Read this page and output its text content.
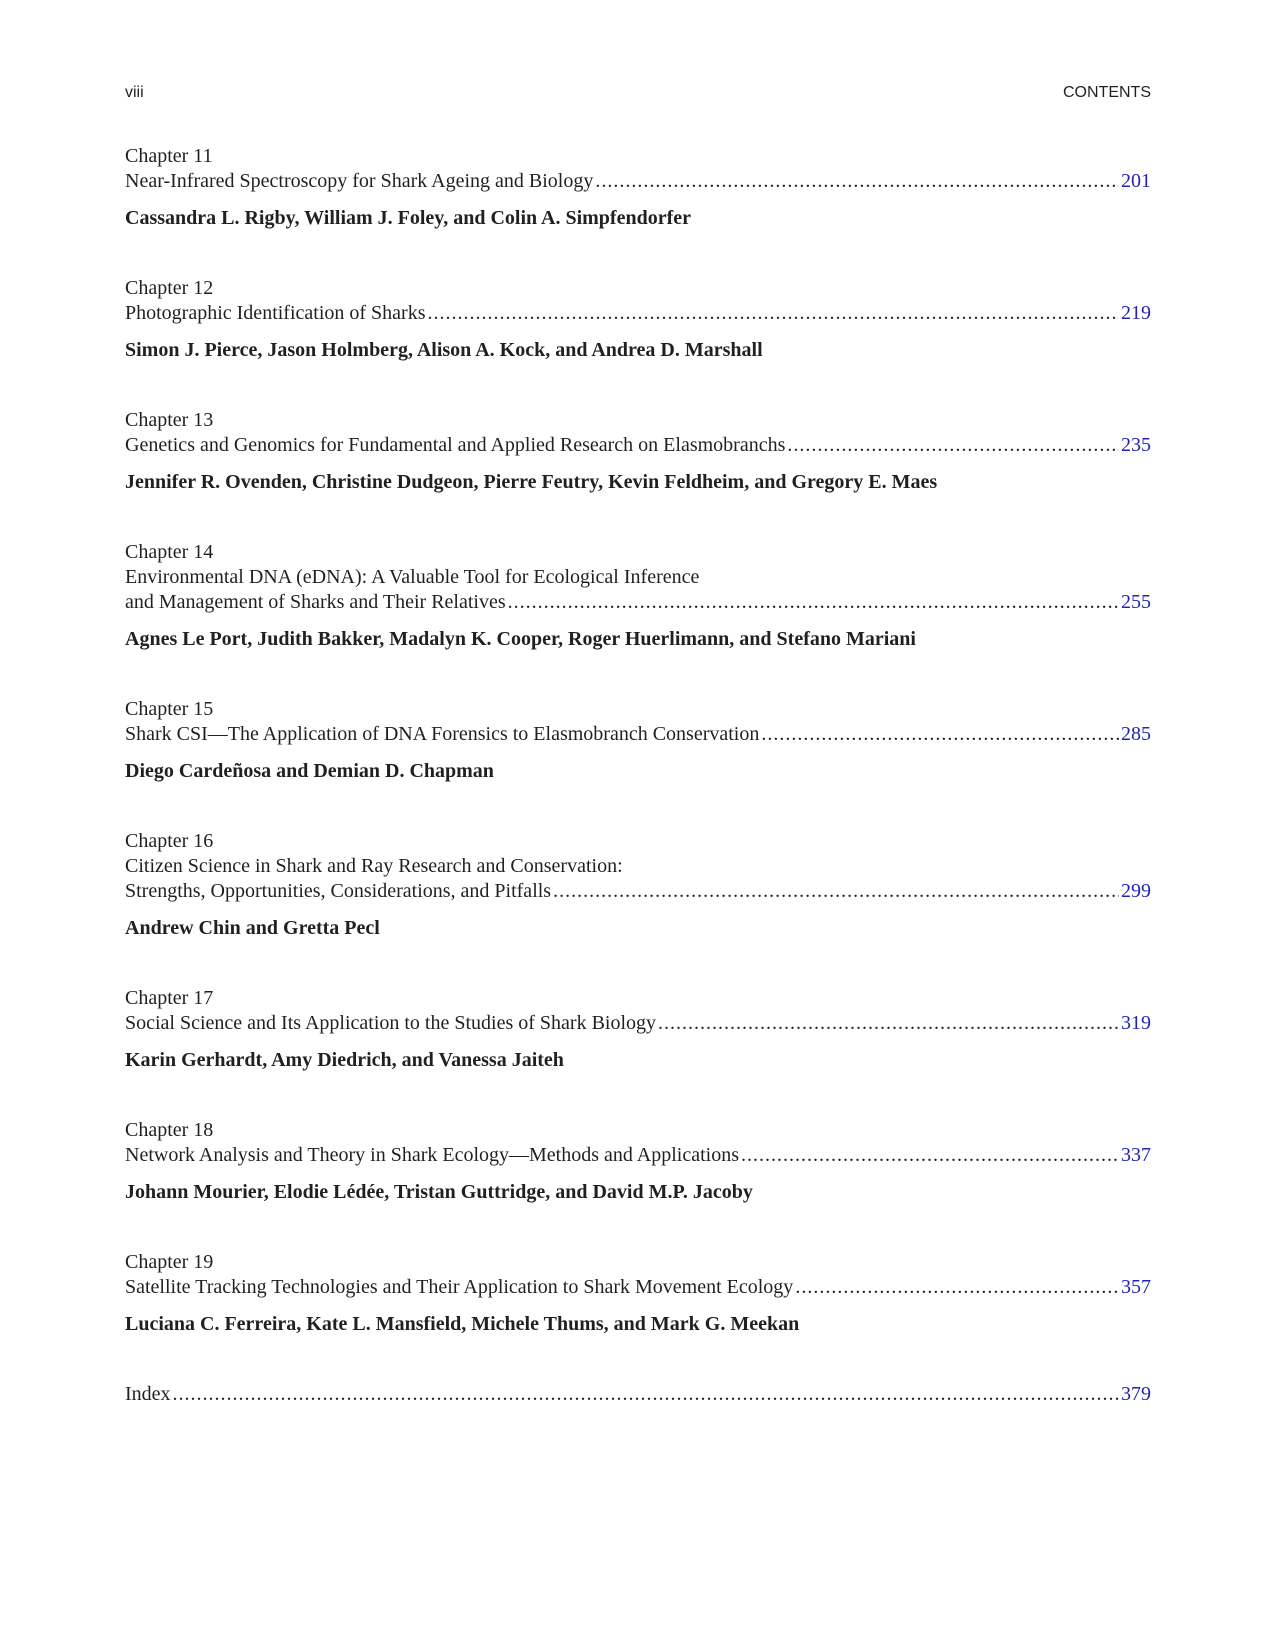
viii	CONTENTS
Chapter 11
Near-Infrared Spectroscopy for Shark Ageing and Biology .....	201
Cassandra L. Rigby, William J. Foley, and Colin A. Simpfendorfer
Chapter 12
Photographic Identification of Sharks .....	219
Simon J. Pierce, Jason Holmberg, Alison A. Kock, and Andrea D. Marshall
Chapter 13
Genetics and Genomics for Fundamental and Applied Research on Elasmobranchs .....	235
Jennifer R. Ovenden, Christine Dudgeon, Pierre Feutry, Kevin Feldheim, and Gregory E. Maes
Chapter 14
Environmental DNA (eDNA): A Valuable Tool for Ecological Inference
and Management of Sharks and Their Relatives .....	255
Agnes Le Port, Judith Bakker, Madalyn K. Cooper, Roger Huerlimann, and Stefano Mariani
Chapter 15
Shark CSI—The Application of DNA Forensics to Elasmobranch Conservation .....	285
Diego Cardeñosa and Demian D. Chapman
Chapter 16
Citizen Science in Shark and Ray Research and Conservation:
Strengths, Opportunities, Considerations, and Pitfalls .....	299
Andrew Chin and Gretta Pecl
Chapter 17
Social Science and Its Application to the Studies of Shark Biology .....	319
Karin Gerhardt, Amy Diedrich, and Vanessa Jaiteh
Chapter 18
Network Analysis and Theory in Shark Ecology—Methods and Applications .....	337
Johann Mourier, Elodie Lédée, Tristan Guttridge, and David M.P. Jacoby
Chapter 19
Satellite Tracking Technologies and Their Application to Shark Movement Ecology .....	357
Luciana C. Ferreira, Kate L. Mansfield, Michele Thums, and Mark G. Meekan
Index .....	379
